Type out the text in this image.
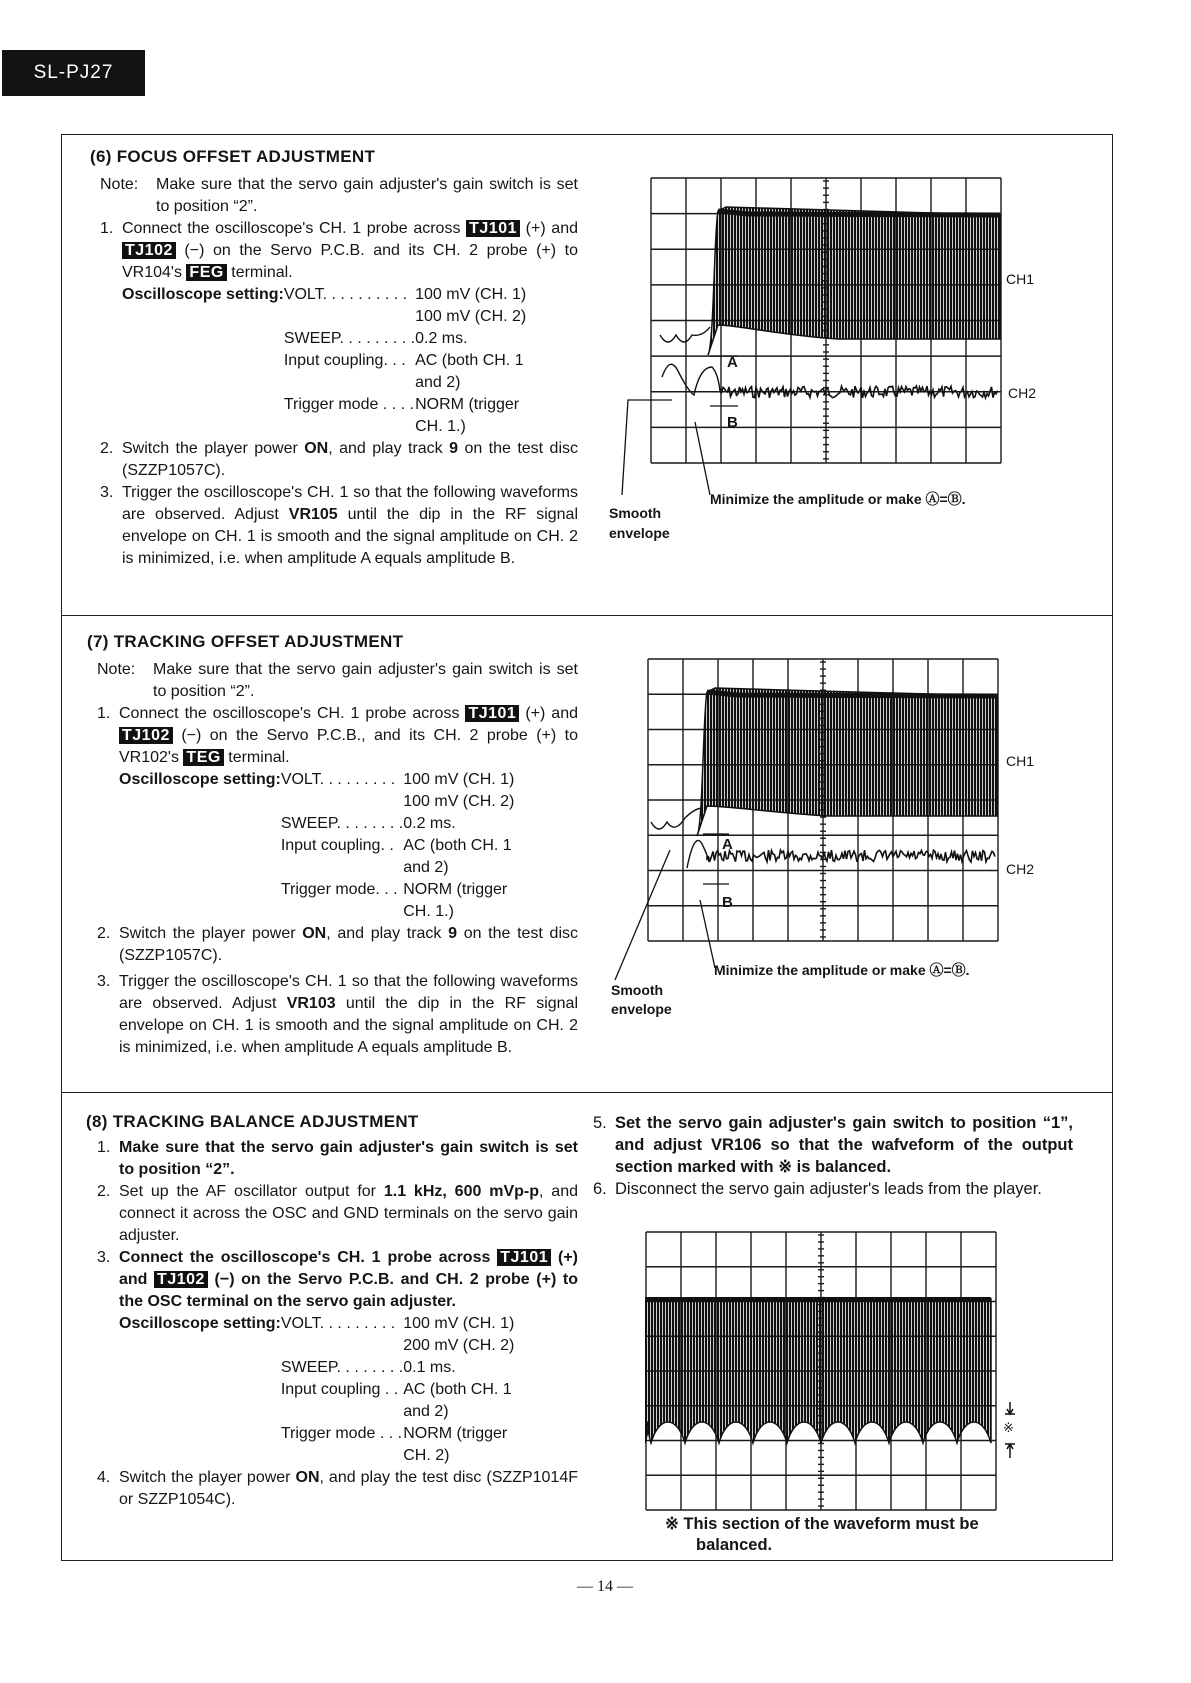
SL-PJ27
(6) FOCUS OFFSET ADJUSTMENT
Note:	Make sure that the servo gain adjuster's gain switch is set to position “2”.
1. Connect the oscilloscope's CH. 1 probe across TJ101 (+) and TJ102 (−) on the Servo P.C.B. and its CH. 2 probe (+) to VR104's FEG terminal.
Oscilloscope setting: VOLT. . . . . . . . . . 100 mV (CH. 1)
100 mV (CH. 2)
SWEEP. . . . . . . . . 0.2 ms.
Input coupling. . . AC (both CH. 1
and 2)
Trigger mode . . . . NORM (trigger
CH. 1.)
2. Switch the player power ON, and play track 9 on the test disc (SZZP1057C).
3. Trigger the oscilloscope's CH. 1 so that the following waveforms are observed. Adjust VR105 until the dip in the RF signal envelope on CH. 1 is smooth and the signal amplitude on CH. 2 is minimized, i.e. when amplitude A equals amplitude B.
CH1
CH2
A
B
Smooth
envelope
Minimize the amplitude or make Ⓐ=Ⓑ.
(7) TRACKING OFFSET ADJUSTMENT
Note:	Make sure that the servo gain adjuster's gain switch is set to position “2”.
1. Connect the oscilloscope's CH. 1 probe across TJ101 (+) and TJ102 (−) on the Servo P.C.B., and its CH. 2 probe (+) to VR102's TEG terminal.
Oscilloscope setting: VOLT. . . . . . . . . 100 mV (CH. 1)
100 mV (CH. 2)
SWEEP. . . . . . . . 0.2 ms.
Input coupling. . AC (both CH. 1
and 2)
Trigger mode. . . NORM (trigger
CH. 1.)
2. Switch the player power ON, and play track 9 on the test disc (SZZP1057C).
3. Trigger the oscilloscope's CH. 1 so that the following waveforms are observed. Adjust VR103 until the dip in the RF signal envelope on CH. 1 is smooth and the signal amplitude on CH. 2 is minimized, i.e. when amplitude A equals amplitude B.
CH1
CH2
A
B
Smooth
envelope
Minimize the amplitude or make Ⓐ=Ⓑ.
(8) TRACKING BALANCE ADJUSTMENT
1. Make sure that the servo gain adjuster's gain switch is set to position “2”.
2. Set up the AF oscillator output for 1.1 kHz, 600 mVp-p, and connect it across the OSC and GND terminals on the servo gain adjuster.
3. Connect the oscilloscope's CH. 1 probe across TJ101 (+) and TJ102 (−) on the Servo P.C.B. and CH. 2 probe (+) to the OSC terminal on the servo gain adjuster.
Oscilloscope setting: VOLT. . . . . . . . . 100 mV (CH. 1)
200 mV (CH. 2)
SWEEP. . . . . . . . 0.1 ms.
Input coupling . . AC (both CH. 1
and 2)
Trigger mode . . . NORM (trigger
CH. 2)
4. Switch the player power ON, and play the test disc (SZZP1014F or SZZP1054C).
5. Set the servo gain adjuster's gain switch to position “1”, and adjust VR106 so that the wafveform of the output section marked with ※ is balanced.
6. Disconnect the servo gain adjuster's leads from the player.
※
※ This section of the waveform must be
balanced.
— 14 —
